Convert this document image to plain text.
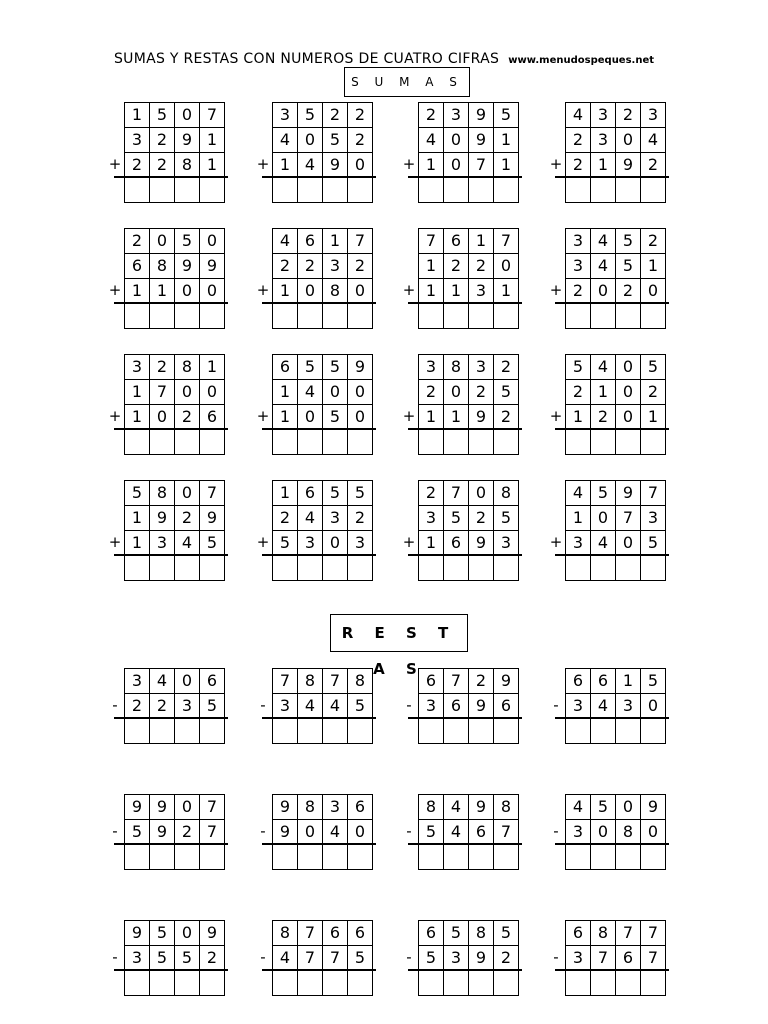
SUMAS Y RESTAS CON NUMEROS DE CUATRO CIFRAS www.menudospeques.net
S U M A S
R E S T A S
1 5 0 7
3 2 9 1
2 2 8 1
+
3 5 2 2
4 0 5 2
1 4 9 0
+
2 3 9 5
4 0 9 1
1 0 7 1
+
4 3 2 3
2 3 0 4
2 1 9 2
+
2 0 5 0
6 8 9 9
1 1 0 0
+
4 6 1 7
2 2 3 2
1 0 8 0
+
7 6 1 7
1 2 2 0
1 1 3 1
+
3 4 5 2
3 4 5 1
2 0 2 0
+
3 2 8 1
1 7 0 0
1 0 2 6
+
6 5 5 9
1 4 0 0
1 0 5 0
+
3 8 3 2
2 0 2 5
1 1 9 2
+
5 4 0 5
2 1 0 2
1 2 0 1
+
5 8 0 7
1 9 2 9
1 3 4 5
+
1 6 5 5
2 4 3 2
5 3 0 3
+
2 7 0 8
3 5 2 5
1 6 9 3
+
4 5 9 7
1 0 7 3
3 4 0 5
+
3 4 0 6
2 2 3 5
-
7 8 7 8
3 4 4 5
-
6 7 2 9
3 6 9 6
-
6 6 1 5
3 4 3 0
-
9 9 0 7
5 9 2 7
-
9 8 3 6
9 0 4 0
-
8 4 9 8
5 4 6 7
-
4 5 0 9
3 0 8 0
-
9 5 0 9
3 5 5 2
-
8 7 6 6
4 7 7 5
-
6 5 8 5
5 3 9 2
-
6 8 7 7
3 7 6 7
-
